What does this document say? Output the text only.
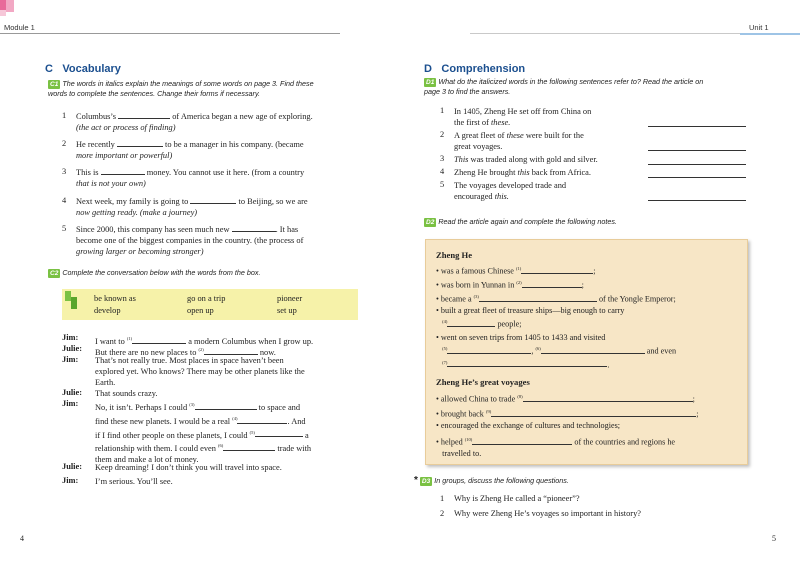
Module 1	Unit 1
C Vocabulary
C1 The words in italics explain the meanings of some words on page 3. Find these
words to complete the sentences. Change their forms if necessary.
1 Columbus’s	of America began a new age of exploring.
(the act or process of finding)
2 He recently	to be a manager in his company. (became
more important or powerful)
3 This is	money. You cannot use it here. (from a country
that is not your own)
4 Next week, my family is going to	to Beijing, so we are
now getting ready. (make a journey)
5 Since 2000, this company has seen much new	. It has
become one of the biggest companies in the country. (the process of
growing larger or becoming stronger)
C2 Complete the conversation below with the words from the box.
be known as	go on a trip	pioneer
develop	open up	set up
Jim: I want to $^{(1)}$	a modern Columbus when I grow up.
Julie: But there are no new places to $^{(2)}$	now.
Jim: That’s not really true. Most places in space haven’t been
explored yet. Who knows? There may be other planets like the
Earth.
Julie: That sounds crazy.
Jim: No, it isn’t. Perhaps I could $^{(3)}$	to space and
find these new planets. I would be a real $^{(4)}$	. And
if I find other people on these planets, I could $^{(5)}$	a
relationship with them. I could even $^{(6)}$	trade with
them and make a lot of money.
Julie: Keep dreaming! I don’t think you will travel into space.
Jim: I’m serious. You’ll see.
4
D Comprehension
D1 What do the italicized words in the following sentences refer to? Read the article on
page 3 to find the answers.
1 In 1405, Zheng He set off from China on
the first of these.
2 A great fleet of these were built for the
great voyages.
3 This was traded along with gold and silver.
4 Zheng He brought this back from Africa.
5 The voyages developed trade and
encouraged this.
D2 Read the article again and complete the following notes.
Zheng He
• was a famous Chinese $^{(1)}$	;
• was born in Yunnan in $^{(2)}$	;
• became a $^{(3)}$	of the Yongle Emperor;
• built a great fleet of treasure ships—big enough to carry
$^{(4)}$	people;
• went on seven trips from 1405 to 1433 and visited
$^{(5)}$	, $^{(6)}$	and even
$^{(7)}$	.
Zheng He’s great voyages
• allowed China to trade $^{(8)}$	;
• brought back $^{(9)}$	;
• encouraged the exchange of cultures and technologies;
• helped $^{(10)}$	of the countries and regions he
travelled to.
* D3 In groups, discuss the following questions.
1 Why is Zheng He called a “pioneer”?
2 Why were Zheng He’s voyages so important in history?
5
